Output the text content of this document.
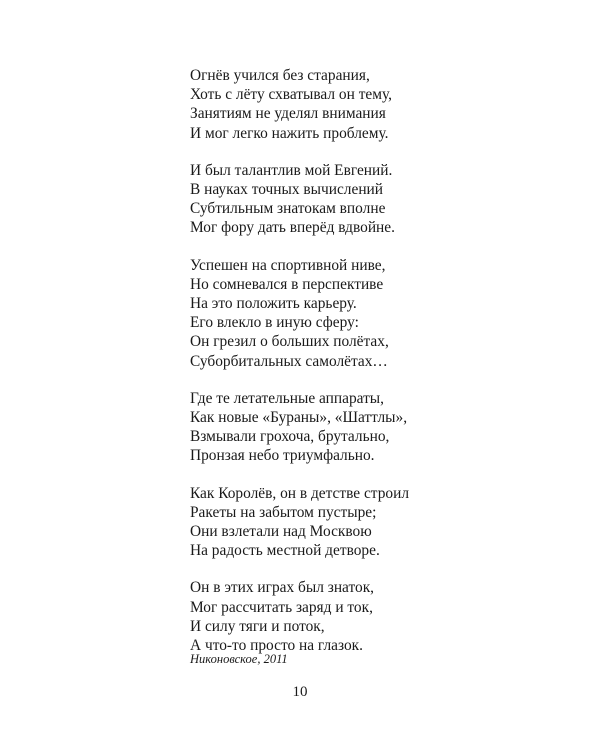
Огнёв учился без старания,
Хоть с лёту схватывал он тему,
Занятиям не уделял внимания
И мог легко нажить проблему.
И был талантлив мой Евгений.
В науках точных вычислений
Субтильным знатокам вполне
Мог фору дать вперёд вдвойне.
Успешен на спортивной ниве,
Но сомневался в перспективе
На это положить карьеру.
Его влекло в иную сферу:
Он грезил о больших полётах,
Суборбитальных самолётах…
Где те летательные аппараты,
Как новые «Бураны», «Шаттлы»,
Взмывали грохоча, брутально,
Пронзая небо триумфально.
Как Королёв, он в детстве строил
Ракеты на забытом пустыре;
Они взлетали над Москвою
На радость местной детворе.
Он в этих играх был знаток,
Мог рассчитать заряд и ток,
И силу тяги и поток,
А что-то просто на глазок.
Никоновское, 2011
10
